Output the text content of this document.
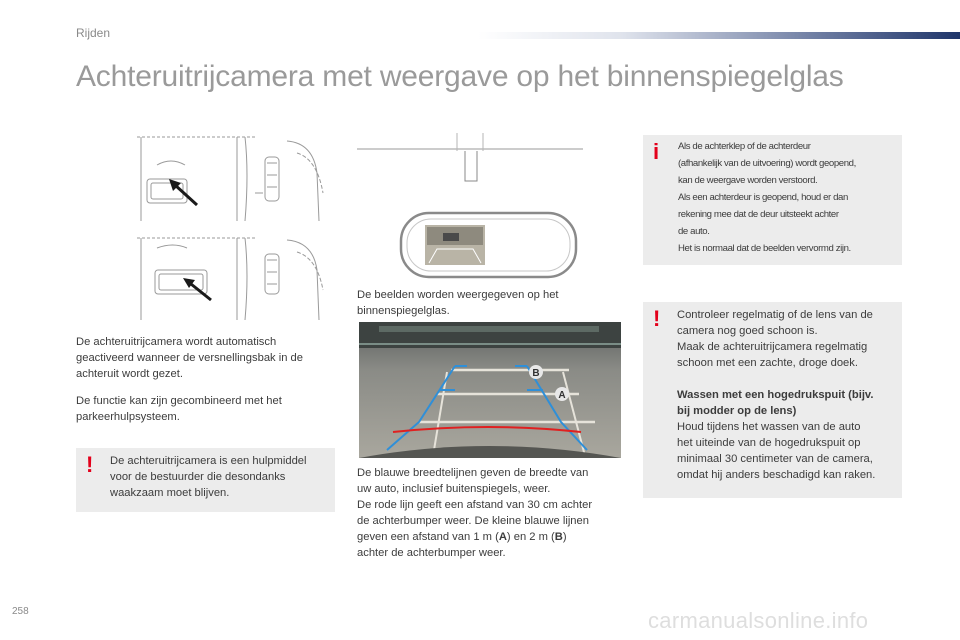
Rijden
Achteruitrijcamera met weergave op het binnenspiegelglas

De achteruitrijcamera wordt automatisch
geactiveerd wanneer de versnellingsbak in de
achteruit wordt gezet.

De functie kan zijn gecombineerd met het
parkeerhulpsysteem.

! De achteruitrijcamera is een hulpmiddel
voor de bestuurder die desondanks
waakzaam moet blijven.

De beelden worden weergegeven op het
binnenspiegelglas.

B
A

De blauwe breedtelijnen geven de breedte van
uw auto, inclusief buitenspiegels, weer.
De rode lijn geeft een afstand van 30 cm achter
de achterbumper weer. De kleine blauwe lijnen
geven een afstand van 1 m (A) en 2 m (B)
achter de achterbumper weer.

i Als de achterklep of de achterdeur
(afhankelijk van de uitvoering) wordt geopend,
kan de weergave worden verstoord.
Als een achterdeur is geopend, houd er dan
rekening mee dat de deur uitsteekt achter
de auto.
Het is normaal dat de beelden vervormd zijn.

! Controleer regelmatig of de lens van de
camera nog goed schoon is.
Maak de achteruitrijcamera regelmatig
schoon met een zachte, droge doek.

Wassen met een hogedrukspuit (bijv.
bij modder op de lens)
Houd tijdens het wassen van de auto
het uiteinde van de hogedrukspuit op
minimaal 30 centimeter van de camera,
omdat hij anders beschadigd kan raken.
258	carmanualsonline.info
